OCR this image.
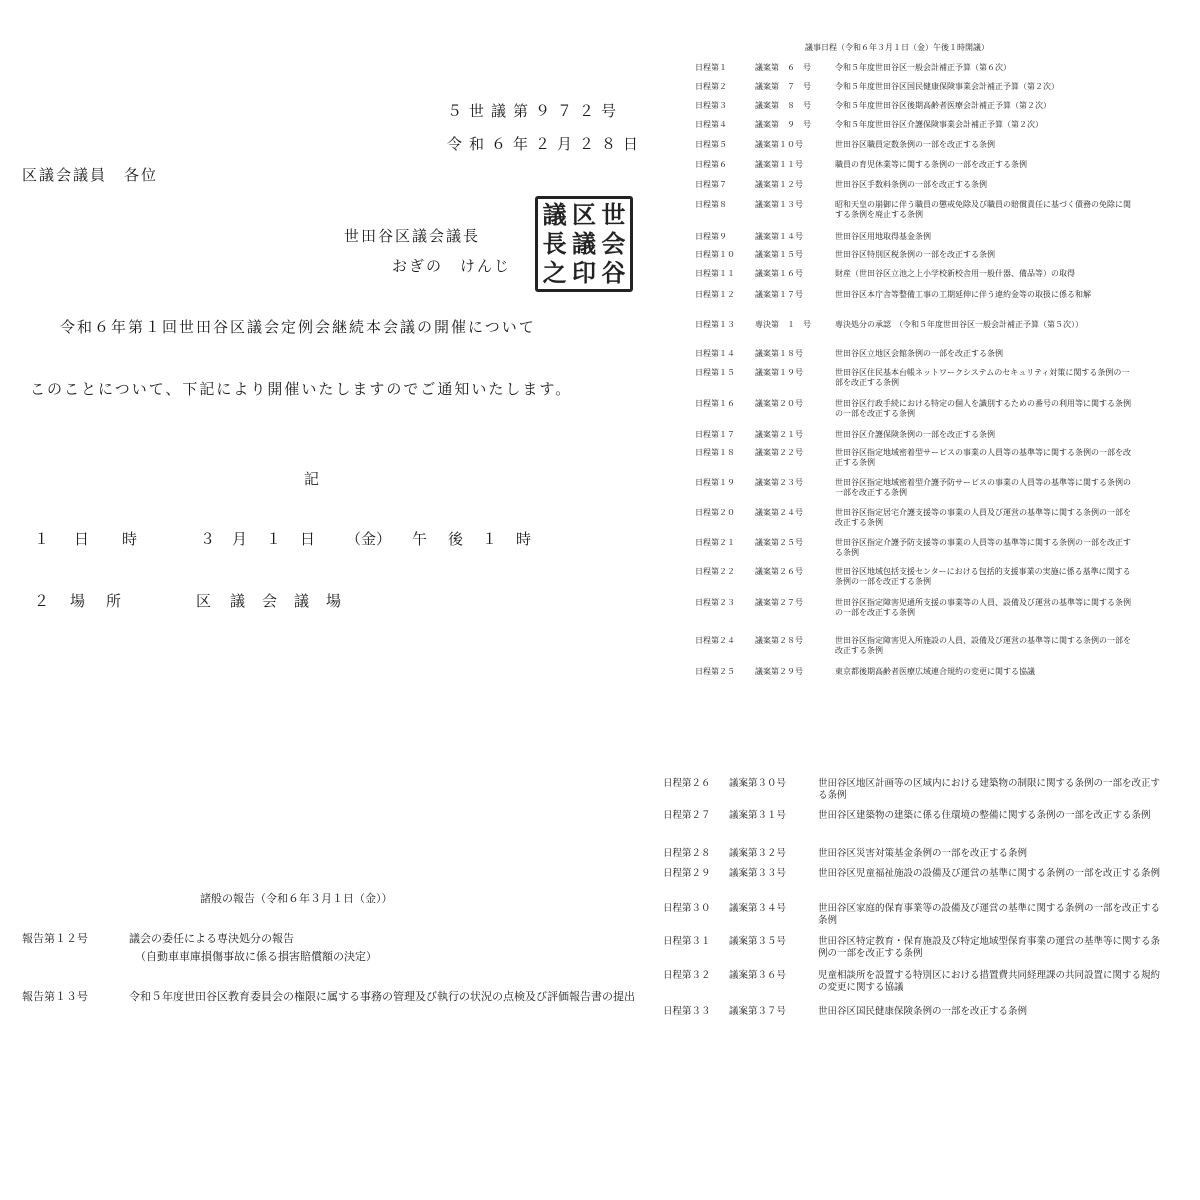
５世議第９７２号
令和６年２月２８日
区議会議員　各位
世田谷区議会議長
おぎの　けんじ
議
長
之
区
議
印
世
会
谷
令和６年第１回世田谷区議会定例会継続本会議の開催について
このことについて、下記により開催いたしますのでご通知いたします。
記
１ 日 時	３ 月 １ 日 （金） 午 後 １ 時
２ 場 所	区 議 会 議 場
議事日程（令和６年３月１日（金）午後１時開議）
日程第１	議案第　６　号	令和５年度世田谷区一般会計補正予算（第６次）
日程第２	議案第　７　号	令和５年度世田谷区国民健康保険事業会計補正予算（第２次）
日程第３	議案第　８　号	令和５年度世田谷区後期高齢者医療会計補正予算（第２次）
日程第４	議案第　９　号	令和５年度世田谷区介護保険事業会計補正予算（第２次）
日程第５	議案第１０号	世田谷区職員定数条例の一部を改正する条例
日程第６	議案第１１号	職員の育児休業等に関する条例の一部を改正する条例
日程第７	議案第１２号	世田谷区手数料条例の一部を改正する条例
日程第８	議案第１３号	昭和天皇の崩御に伴う職員の懲戒免除及び職員の賠償責任に基づく債務の免除に関する条例を廃止する条例
日程第９	議案第１４号	世田谷区用地取得基金条例
日程第１０	議案第１５号	世田谷区特別区税条例の一部を改正する条例
日程第１１	議案第１６号	財産（世田谷区立池之上小学校新校舎用一般什器、備品等）の取得
日程第１２	議案第１７号	世田谷区本庁舎等整備工事の工期延伸に伴う違約金等の取扱に係る和解
日程第１３	専決第　１　号	専決処分の承認　（令和５年度世田谷区一般会計補正予算（第５次））
日程第１４	議案第１８号	世田谷区立地区会館条例の一部を改正する条例
日程第１５	議案第１９号	世田谷区住民基本台帳ネットワークシステムのセキュリティ対策に関する条例の一部を改正する条例
日程第１６	議案第２０号	世田谷区行政手続における特定の個人を識別するための番号の利用等に関する条例の一部を改正する条例
日程第１７	議案第２１号	世田谷区介護保険条例の一部を改正する条例
日程第１８	議案第２２号	世田谷区指定地域密着型サービスの事業の人員等の基準等に関する条例の一部を改正する条例
日程第１９	議案第２３号	世田谷区指定地域密着型介護予防サービスの事業の人員等の基準等に関する条例の一部を改正する条例
日程第２０	議案第２４号	世田谷区指定居宅介護支援等の事業の人員及び運営の基準等に関する条例の一部を改正する条例
日程第２１	議案第２５号	世田谷区指定介護予防支援等の事業の人員等の基準等に関する条例の一部を改正する条例
日程第２２	議案第２６号	世田谷区地域包括支援センターにおける包括的支援事業の実施に係る基準に関する条例の一部を改正する条例
日程第２３	議案第２７号	世田谷区指定障害児通所支援の事業等の人員、設備及び運営の基準等に関する条例の一部を改正する条例
日程第２４	議案第２８号	世田谷区指定障害児入所施設の人員、設備及び運営の基準等に関する条例の一部を改正する条例
日程第２５	議案第２９号	東京都後期高齢者医療広域連合規約の変更に関する協議
日程第２６ 議案第３０号	世田谷区地区計画等の区域内における建築物の制限に関する条例の一部を改正する条例
日程第２７ 議案第３１号	世田谷区建築物の建築に係る住環境の整備に関する条例の一部を改正する条例
日程第２８ 議案第３２号	世田谷区災害対策基金条例の一部を改正する条例
日程第２９ 議案第３３号	世田谷区児童福祉施設の設備及び運営の基準に関する条例の一部を改正する条例
日程第３０ 議案第３４号	世田谷区家庭的保育事業等の設備及び運営の基準に関する条例の一部を改正する条例
日程第３１ 議案第３５号	世田谷区特定教育・保育施設及び特定地域型保育事業の運営の基準等に関する条例の一部を改正する条例
日程第３２ 議案第３６号	児童相談所を設置する特別区における措置費共同経理課の共同設置に関する規約の変更に関する協議
日程第３３ 議案第３７号	世田谷区国民健康保険条例の一部を改正する条例
諸般の報告（令和６年３月１日（金））
報告第１２号	議会の委任による専決処分の報告
（自動車車庫損傷事故に係る損害賠償額の決定）
報告第１３号	令和５年度世田谷区教育委員会の権限に属する事務の管理及び執行の状況の点検及び評価報告書の提出
